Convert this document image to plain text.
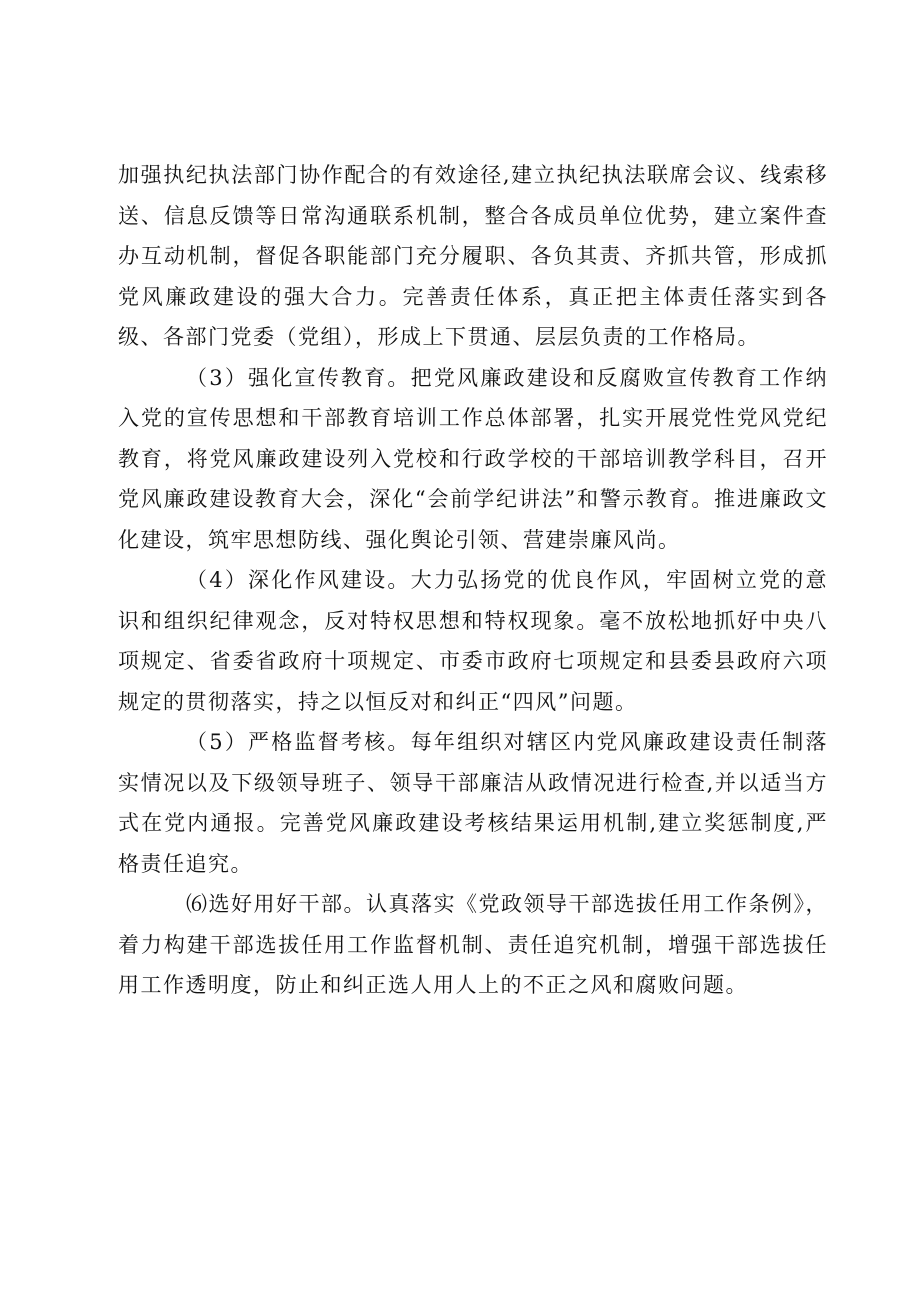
加强执纪执法部门协作配合的有效途径,建立执纪执法联席会议、线索移送、信息反馈等日常沟通联系机制，整合各成员单位优势，建立案件查办互动机制，督促各职能部门充分履职、各负其责、齐抓共管，形成抓党风廉政建设的强大合力。完善责任体系，真正把主体责任落实到各级、各部门党委（党组），形成上下贯通、层层负责的工作格局。

（3）强化宣传教育。把党风廉政建设和反腐败宣传教育工作纳入党的宣传思想和干部教育培训工作总体部署，扎实开展党性党风党纪教育，将党风廉政建设列入党校和行政学校的干部培训教学科目，召开党风廉政建设教育大会，深化“会前学纪讲法”和警示教育。推进廉政文化建设，筑牢思想防线、强化舆论引领、营建崇廉风尚。

（4）深化作风建设。大力弘扬党的优良作风，牢固树立党的意识和组织纪律观念，反对特权思想和特权现象。毫不放松地抓好中央八项规定、省委省政府十项规定、市委市政府七项规定和县委县政府六项规定的贯彻落实，持之以恒反对和纠正“四风”问题。

（5）严格监督考核。每年组织对辖区内党风廉政建设责任制落实情况以及下级领导班子、领导干部廉洁从政情况进行检查,并以适当方式在党内通报。完善党风廉政建设考核结果运用机制,建立奖惩制度,严格责任追究。

⑹选好用好干部。认真落实《党政领导干部选拔任用工作条例》，着力构建干部选拔任用工作监督机制、责任追究机制，增强干部选拔任用工作透明度，防止和纠正选人用人上的不正之风和腐败问题。
